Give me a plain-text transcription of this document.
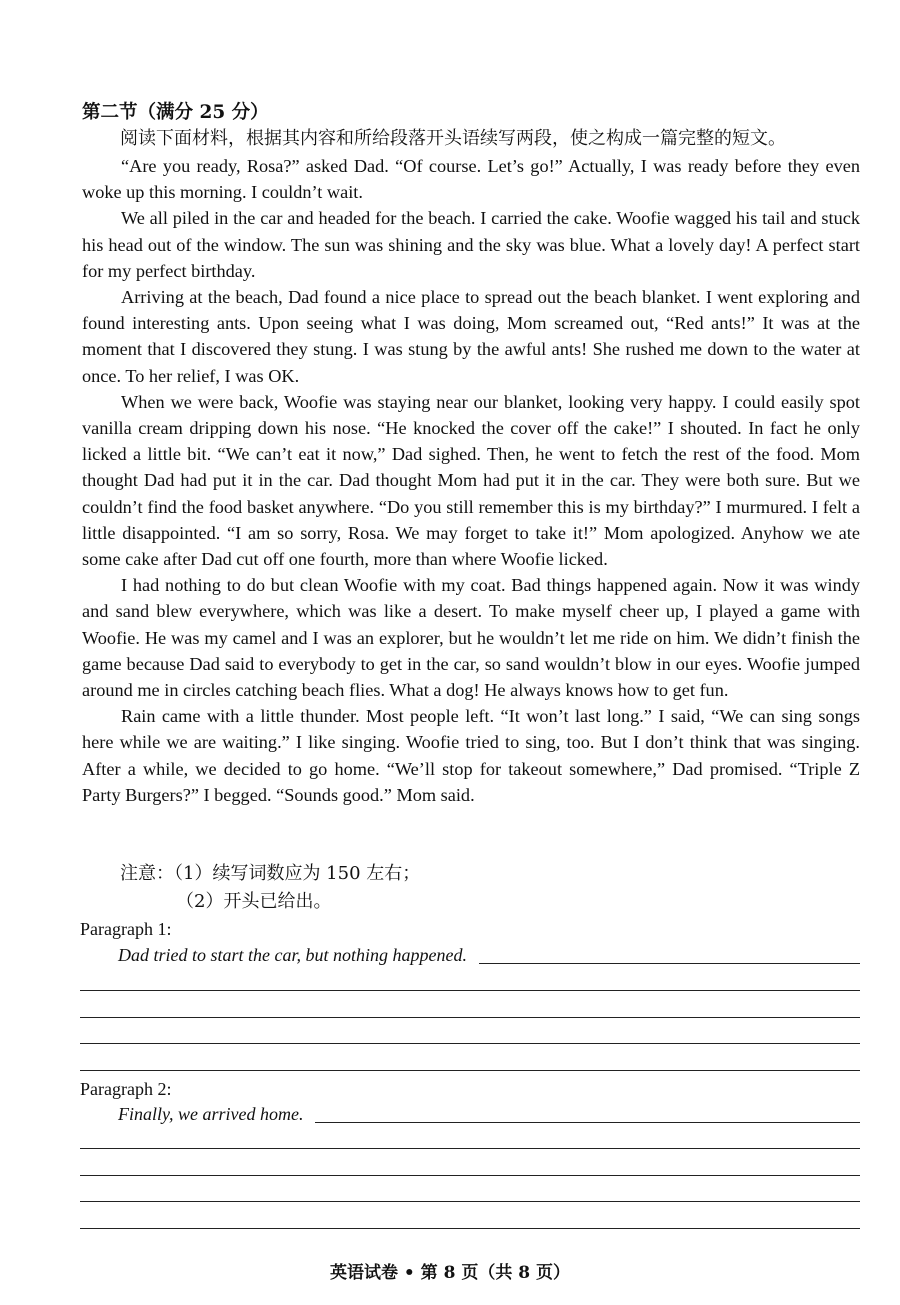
第二节（满分 25 分）
阅读下面材料，根据其内容和所给段落开头语续写两段，使之构成一篇完整的短文。

“Are you ready, Rosa?” asked Dad. “Of course. Let’s go!” Actually, I was ready before they even woke up this morning. I couldn’t wait.

We all piled in the car and headed for the beach. I carried the cake. Woofie wagged his tail and stuck his head out of the window. The sun was shining and the sky was blue. What a lovely day! A perfect start for my perfect birthday.

Arriving at the beach, Dad found a nice place to spread out the beach blanket. I went exploring and found interesting ants. Upon seeing what I was doing, Mom screamed out, “Red ants!” It was at the moment that I discovered they stung. I was stung by the awful ants! She rushed me down to the water at once. To her relief, I was OK.

When we were back, Woofie was staying near our blanket, looking very happy. I could easily spot vanilla cream dripping down his nose. “He knocked the cover off the cake!” I shouted. In fact he only licked a little bit. “We can’t eat it now,” Dad sighed. Then, he went to fetch the rest of the food. Mom thought Dad had put it in the car. Dad thought Mom had put it in the car. They were both sure. But we couldn’t find the food basket anywhere. “Do you still remember this is my birthday?” I murmured. I felt a little disappointed. “I am so sorry, Rosa. We may forget to take it!” Mom apologized. Anyhow we ate some cake after Dad cut off one fourth, more than where Woofie licked.

I had nothing to do but clean Woofie with my coat. Bad things happened again. Now it was windy and sand blew everywhere, which was like a desert. To make myself cheer up, I played a game with Woofie. He was my camel and I was an explorer, but he wouldn’t let me ride on him. We didn’t finish the game because Dad said to everybody to get in the car, so sand wouldn’t blow in our eyes. Woofie jumped around me in circles catching beach flies. What a dog! He always knows how to get fun.

Rain came with a little thunder. Most people left. “It won’t last long.” I said, “We can sing songs here while we are waiting.” I like singing. Woofie tried to sing, too. But I don’t think that was singing. After a while, we decided to go home. “We’ll stop for takeout somewhere,” Dad promised. “Triple Z Party Burgers?” I begged. “Sounds good.” Mom said.

注意：（1）续写词数应为 150 左右；
（2）开头已给出。
Paragraph 1:
Dad tried to start the car, but nothing happened.
Paragraph 2:
Finally, we arrived home.
英语试卷 • 第 8 页（共 8 页）
